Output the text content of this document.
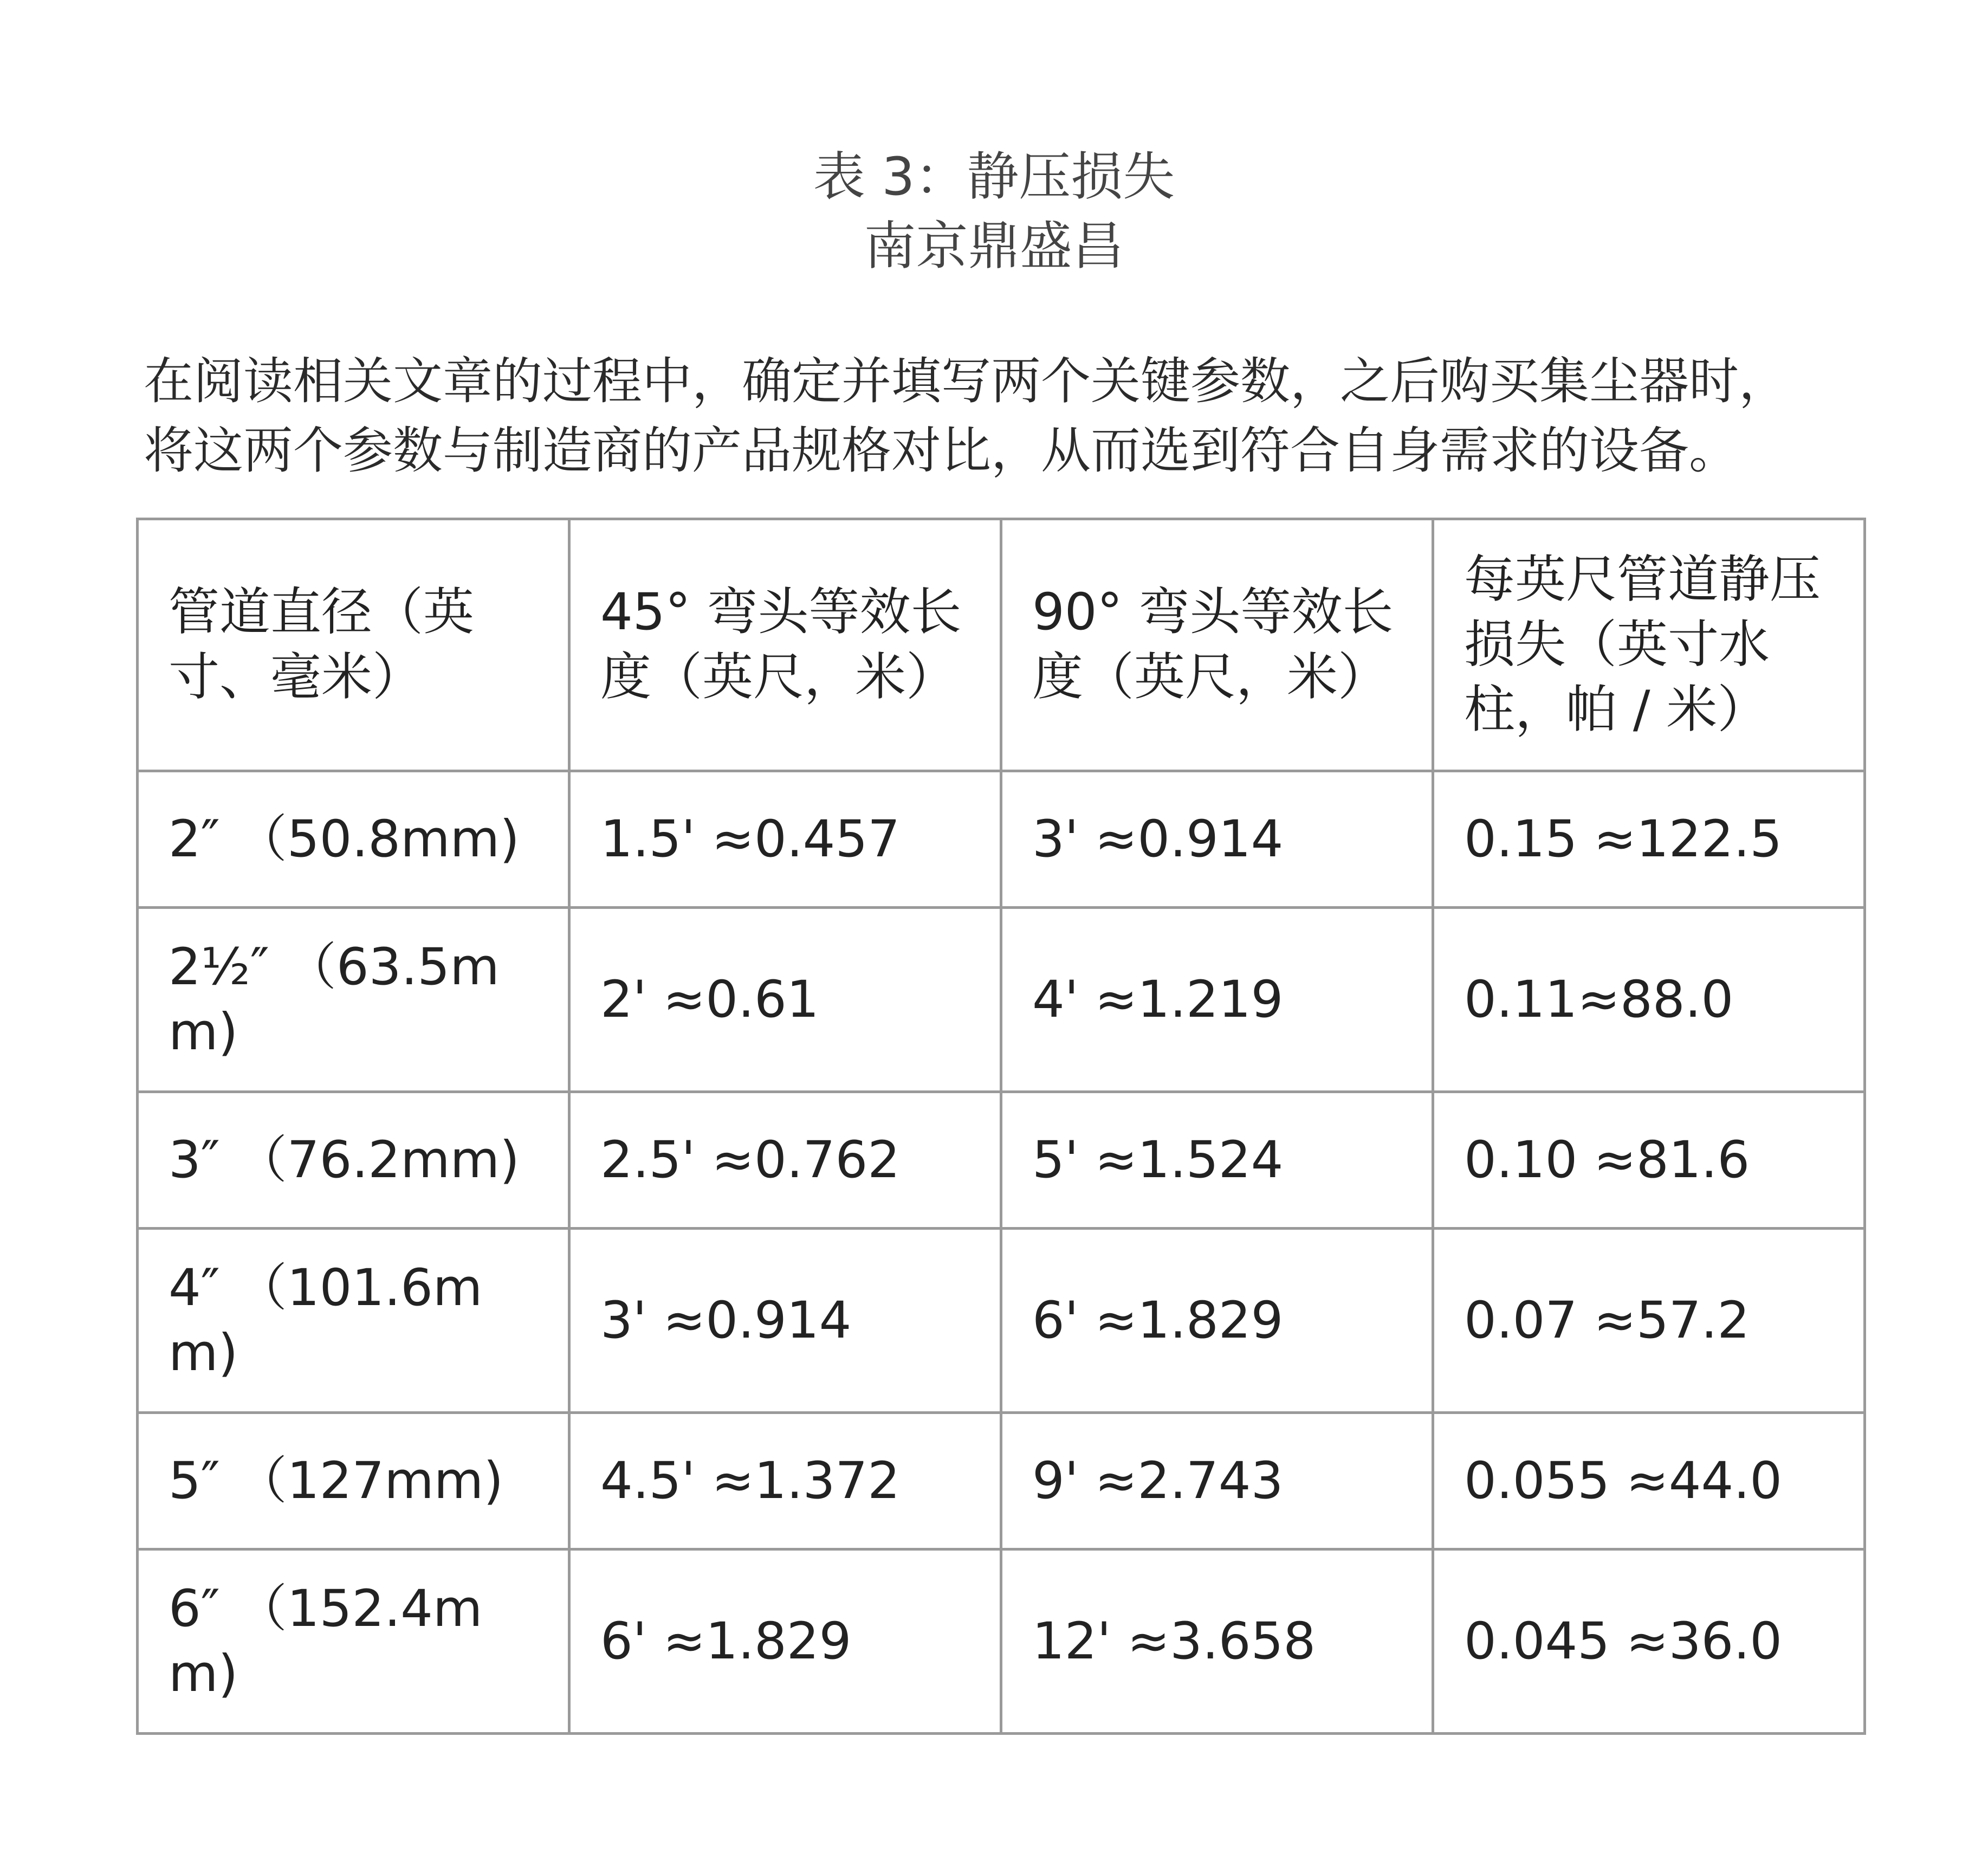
表 3：静压损失
南京鼎盛昌
在阅读相关文章的过程中，确定并填写两个关键参数，之后购买集尘器时，
将这两个参数与制造商的产品规格对比，从而选到符合自身需求的设备。
管道直径（英寸、毫米）	45° 弯头等效长度（英尺，米）	90° 弯头等效长度（英尺，米）	每英尺管道静压损失（英寸水柱，帕 / 米）
2″ （50.8mm)	1.5' ≈0.457	3' ≈0.914	0.15 ≈122.5
2½″ （63.5mm)	2' ≈0.61	4' ≈1.219	0.11≈88.0
3″ （76.2mm)	2.5' ≈0.762	5' ≈1.524	0.10 ≈81.6
4″ （101.6mm)	3' ≈0.914	6' ≈1.829	0.07 ≈57.2
5″ （127mm)	4.5' ≈1.372	9' ≈2.743	0.055 ≈44.0
6″ （152.4mm)	6' ≈1.829	12' ≈3.658	0.045 ≈36.0
